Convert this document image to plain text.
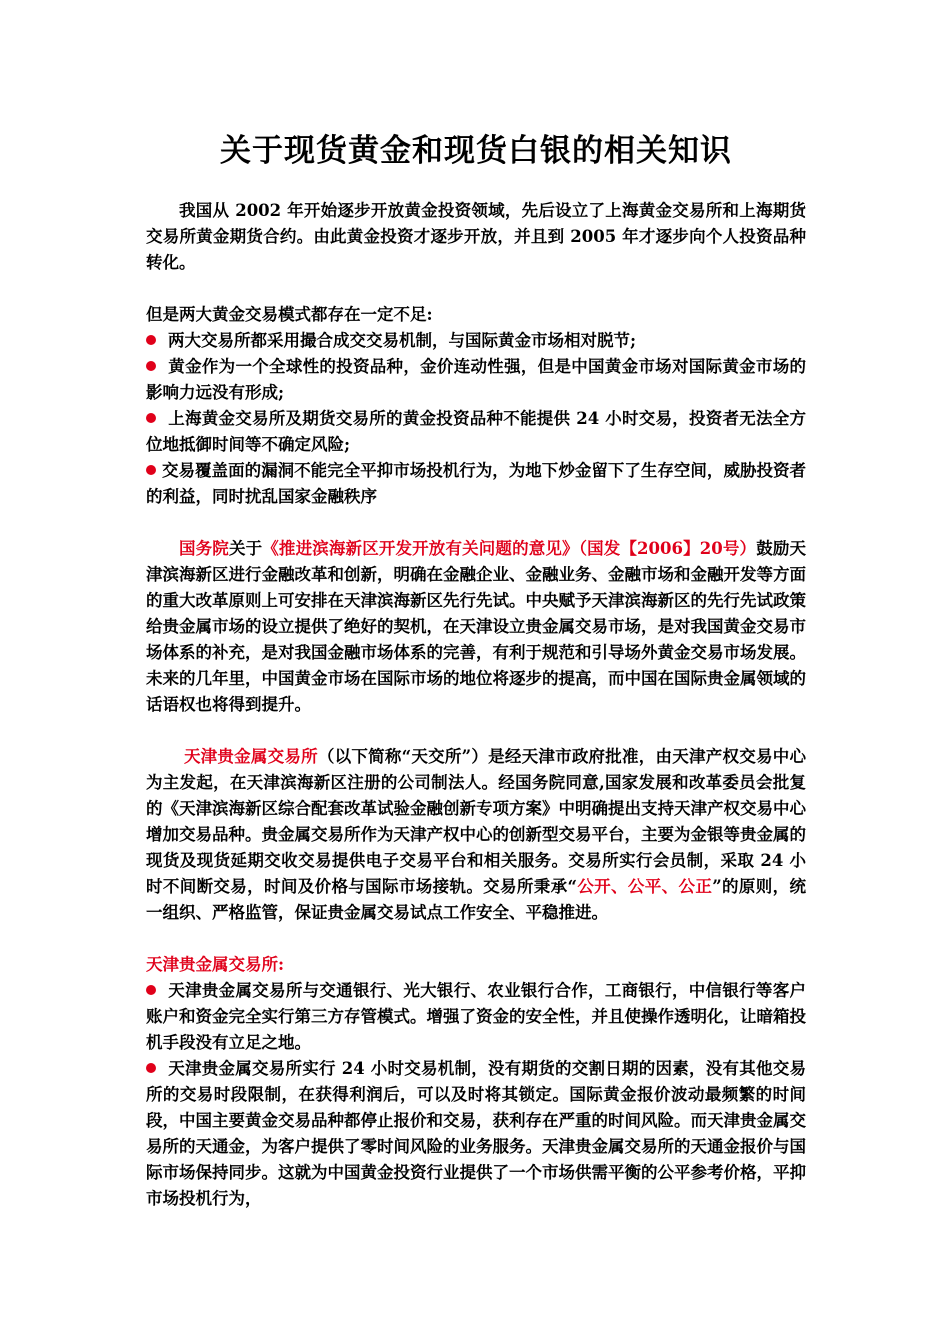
关于现货黄金和现货白银的相关知识

我国从 2002 年开始逐步开放黄金投资领域，先后设立了上海黄金交易所和上海期货交易所黄金期货合约。由此黄金投资才逐步开放，并且到 2005 年才逐步向个人投资品种转化。

但是两大黄金交易模式都存在一定不足:

两大交易所都采用撮合成交交易机制，与国际黄金市场相对脱节;

黄金作为一个全球性的投资品种，金价连动性强，但是中国黄金市场对国际黄金市场的影响力远没有形成;

上海黄金交易所及期货交易所的黄金投资品种不能提供 24 小时交易，投资者无法全方位地抵御时间等不确定风险;

交易覆盖面的漏洞不能完全平抑市场投机行为，为地下炒金留下了生存空间，威胁投资者的利益，同时扰乱国家金融秩序

国务院关于《推进滨海新区开发开放有关问题的意见》（国发【2006】20号）鼓励天津滨海新区进行金融改革和创新，明确在金融企业、金融业务、金融市场和金融开发等方面的重大改革原则上可安排在天津滨海新区先行先试。中央赋予天津滨海新区的先行先试政策给贵金属市场的设立提供了绝好的契机，在天津设立贵金属交易市场，是对我国黄金交易市场体系的补充，是对我国金融市场体系的完善，有利于规范和引导场外黄金交易市场发展。 未来的几年里，中国黄金市场在国际市场的地位将逐步的提高，而中国在国际贵金属领域的话语权也将得到提升。

天津贵金属交易所（以下简称“天交所”）是经天津市政府批准，由天津产权交易中心为主发起，在天津滨海新区注册的公司制法人。经国务院同意,国家发展和改革委员会批复的《天津滨海新区综合配套改革试验金融创新专项方案》中明确提出支持天津产权交易中心增加交易品种。贵金属交易所作为天津产权中心的创新型交易平台，主要为金银等贵金属的现货及现货延期交收交易提供电子交易平台和相关服务。交易所实行会员制，采取 24 小时不间断交易，时间及价格与国际市场接轨。交易所秉承“公开、公平、公正”的原则，统一组织、严格监管，保证贵金属交易试点工作安全、平稳推进。

天津贵金属交易所:

天津贵金属交易所与交通银行、光大银行、农业银行合作，工商银行，中信银行等客户账户和资金完全实行第三方存管模式。增强了资金的安全性，并且使操作透明化，让暗箱投机手段没有立足之地。

天津贵金属交易所实行 24 小时交易机制，没有期货的交割日期的因素，没有其他交易所的交易时段限制，在获得利润后，可以及时将其锁定。国际黄金报价波动最频繁的时间段，中国主要黄金交易品种都停止报价和交易，获利存在严重的时间风险。而天津贵金属交易所的天通金，为客户提供了零时间风险的业务服务。天津贵金属交易所的天通金报价与国际市场保持同步。这就为中国黄金投资行业提供了一个市场供需平衡的公平参考价格，平抑市场投机行为，
